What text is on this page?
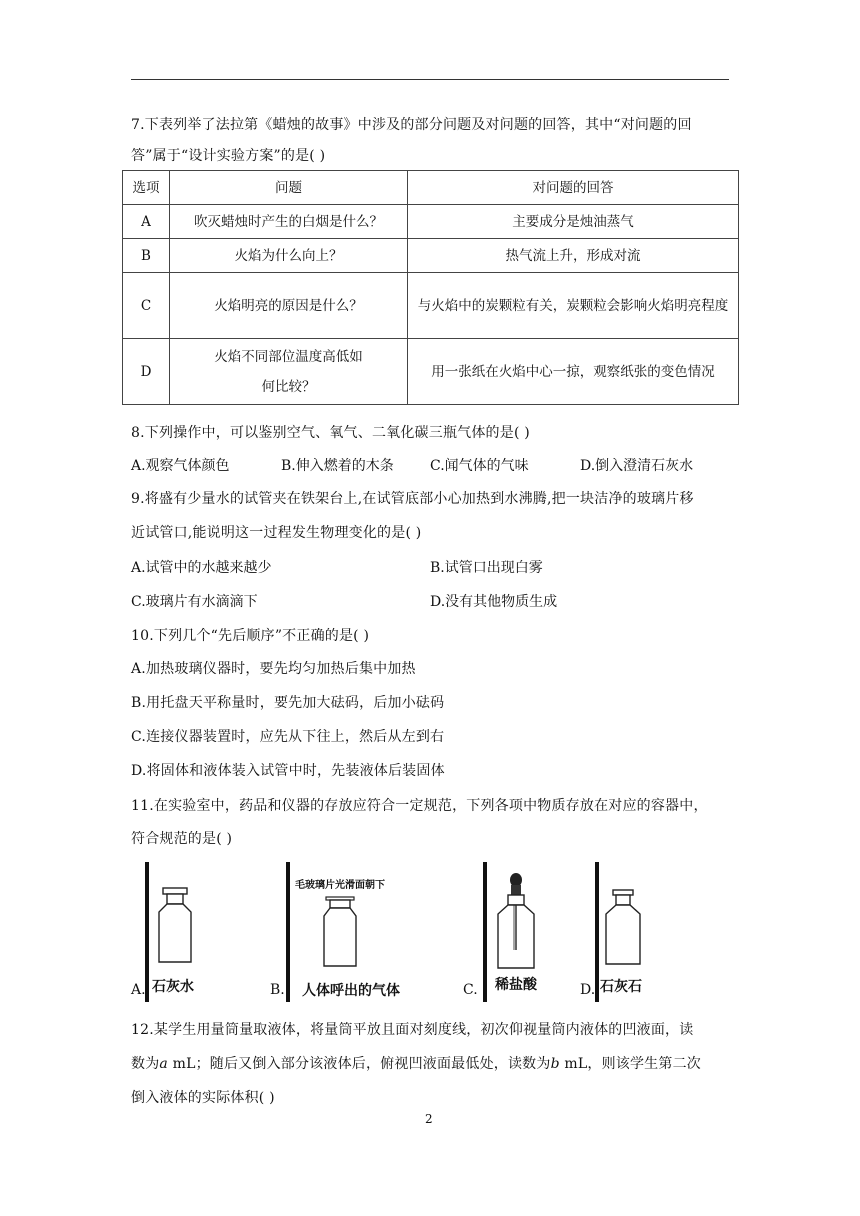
7.下表列举了法拉第《蜡烛的故事》中涉及的部分问题及对问题的回答，其中“对问题的回
答”属于“设计实验方案”的是( )
选项	问题	对问题的回答
A	吹灭蜡烛时产生的白烟是什么？	主要成分是烛油蒸气
B	火焰为什么向上？	热气流上升，形成对流
C	火焰明亮的原因是什么？	与火焰中的炭颗粒有关，炭颗粒会影响火焰明亮程度
D	火焰不同部位温度高低如何比较？	用一张纸在火焰中心一掠，观察纸张的变色情况
8.下列操作中，可以鉴别空气、氧气、二氧化碳三瓶气体的是( )
A.观察气体颜色	B.伸入燃着的木条	C.闻气体的气味	D.倒入澄清石灰水
9.将盛有少量水的试管夹在铁架台上,在试管底部小心加热到水沸腾,把一块洁净的玻璃片移
近试管口,能说明这一过程发生物理变化的是( )
A.试管中的水越来越少	B.试管口出现白雾
C.玻璃片有水滴滴下	D.没有其他物质生成
10.下列几个“先后顺序”不正确的是( )
A.加热玻璃仪器时，要先均匀加热后集中加热
B.用托盘天平称量时，要先加大砝码，后加小砝码
C.连接仪器装置时，应先从下往上，然后从左到右
D.将固体和液体装入试管中时，先装液体后装固体
11.在实验室中，药品和仪器的存放应符合一定规范，下列各项中物质存放在对应的容器中，
符合规范的是( )
A. 石灰水	B.
毛玻璃片光滑面朝下
人体呼出的气体	C. 稀盐酸	D. 石灰石
12.某学生用量筒量取液体，将量筒平放且面对刻度线，初次仰视量筒内液体的凹液面，读
数为a mL；随后又倒入部分该液体后，俯视凹液面最低处，读数为b mL，则该学生第二次
倒入液体的实际体积( )
2
